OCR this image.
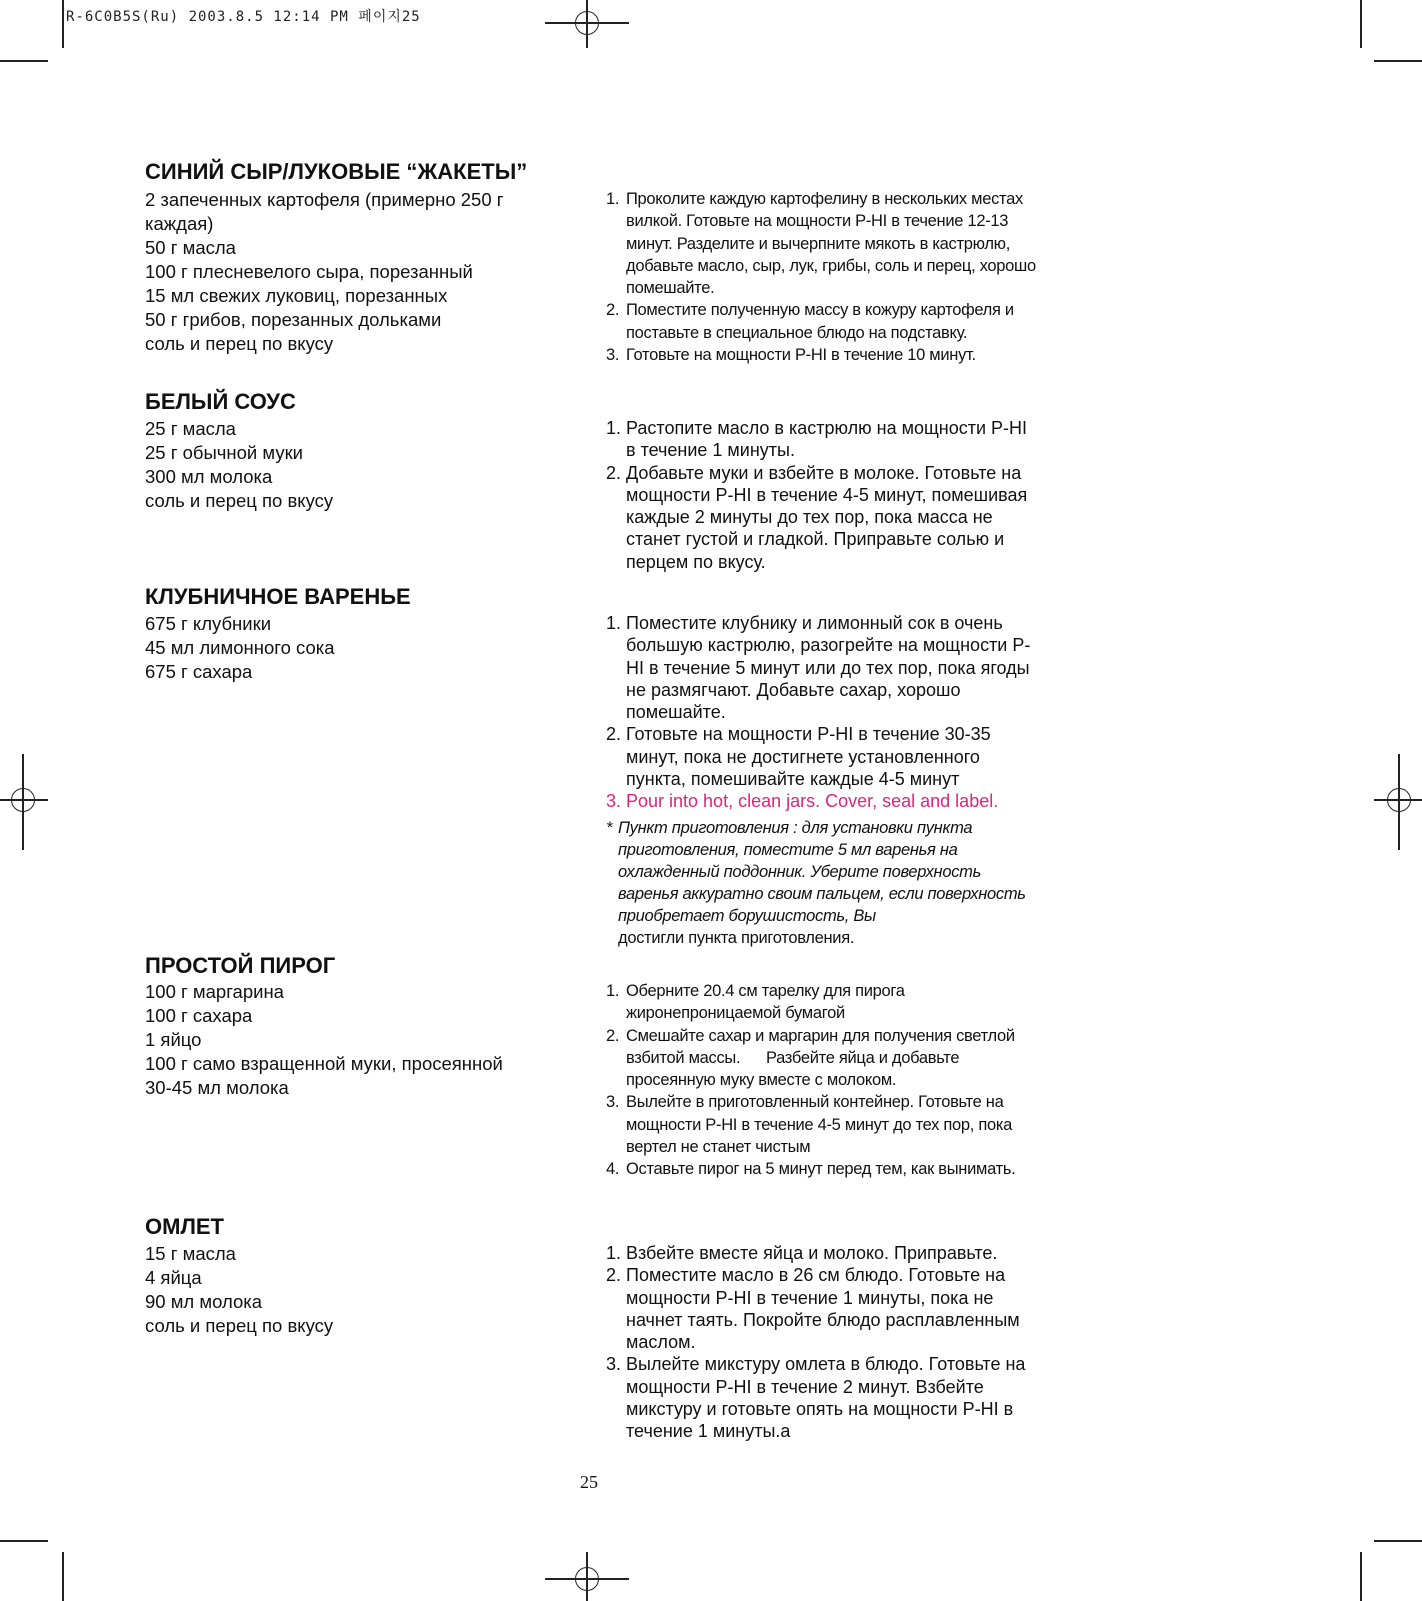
R-6C0B5S(Ru) 2003.8.5 12:14 PM 페이지25
СИНИЙ СЫР/ЛУКОВЫЕ “ЖАКЕТЫ”
2 запеченных картофеля (примерно 250 г
каждая)
50 г масла
100 г плесневелого сыра, порезанный
15 мл свежих луковиц, порезанных
50 г грибов, порезанных дольками
соль и перец по вкусу
1. Проколите каждую картофелину в нескольких местах вилкой. Готовьте на мощности P-HI в течение 12-13 минут. Разделите и вычерпните мякоть в кастрюлю, добавьте масло, сыр, лук, грибы, соль и перец, хорошо помешайте.
2. Поместите полученную массу в кожуру картофеля и поставьте в специальное блюдо на подставку.
3. Готовьте на мощности P-HI в течение 10 минут.
БЕЛЫЙ СОУС
25 г масла
25 г обычной муки
300 мл молока
соль и перец по вкусу
1. Растопите масло в кастрюлю на мощности P-HI в течение 1 минуты.
2. Добавьте муки и взбейте в молоке. Готовьте на мощности P-HI в течение 4-5 минут, помешивая каждые 2 минуты до тех пор, пока масса не станет густой и гладкой. Приправьте солью и перцем по вкусу.
КЛУБНИЧНОЕ ВАРЕНЬЕ
675 г клубники
45 мл лимонного сока
675 г сахара
1. Поместите клубнику и лимонный сок в очень большую кастрюлю, разогрейте на мощности P-HI в течение 5 минут или до тех пор, пока ягоды не размягчают. Добавьте сахар, хорошо помешайте.
2. Готовьте на мощности P-HI в течение 30-35 минут, пока не достигнете установленного пункта, помешивайте каждые 4-5 минут
3. Pour into hot, clean jars. Cover, seal and label.
* Пункт приготовления : для установки пункта приготовления, поместите 5 мл варенья на охлажденный поддонник. Уберите поверхность варенья аккуратно своим пальцем, если поверхность приобретает борушистость, Вы
достигли пункта приготовления.
ПРОСТОЙ ПИРОГ
100 г маргарина
100 г сахара
1 яйцо
100 г само взращенной муки, просеянной
30-45 мл молока
1. Оберните 20.4 см тарелку для пирога жиронепроницаемой бумагой
2. Смешайте сахар и маргарин для получения светлой взбитой массы.      Разбейте яйца и добавьте просеянную муку вместе с молоком.
3. Вылейте в приготовленный контейнер. Готовьте на мощности P-HI в течение 4-5 минут до тех пор, пока вертел не станет чистым
4. Оставьте пирог на 5 минут перед тем, как вынимать.
ОМЛЕТ
15 г масла
4 яйца
90 мл молока
соль и перец по вкусу
1. Взбейте вместе яйца и молоко. Приправьте.
2. Поместите масло в 26 см блюдо. Готовьте на мощности P-HI в течение 1 минуты, пока не начнет таять. Покройте блюдо расплавленным маслом.
3. Вылейте микстуру омлета в блюдо. Готовьте на мощности P-HI в течение 2 минут. Взбейте микстуру и готовьте опять на мощности P-HI в течение 1 минуты.а
25
